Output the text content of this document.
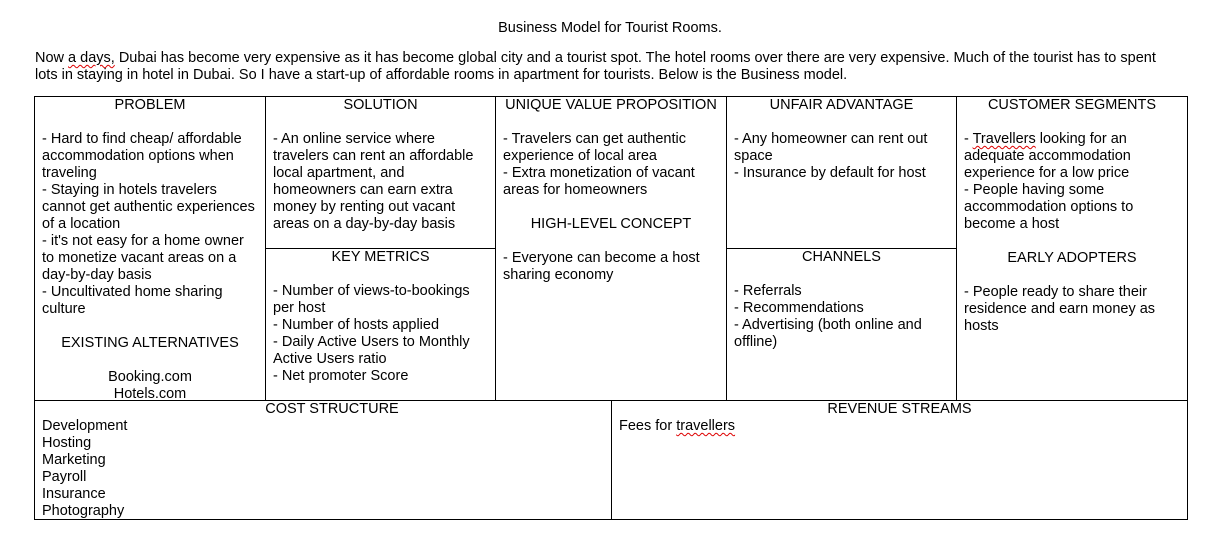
Business Model for Tourist Rooms.
Now a days, Dubai has become very expensive as it has become global city and a tourist spot. The hotel rooms over there are very expensive. Much of the tourist has to spent
lots in staying in hotel in Dubai. So I have a start-up of affordable rooms in apartment for tourists. Below is the Business model.
PROBLEM
- Hard to find cheap/ affordable
accommodation options when
traveling
- Staying in hotels travelers
cannot get authentic experiences
of a location
- it's not easy for a home owner
to monetize vacant areas on a
day-by-day basis
- Uncultivated home sharing
culture
EXISTING ALTERNATIVES
Booking.com
Hotels.com
SOLUTION
- An online service where
travelers can rent an affordable
local apartment, and
homeowners can earn extra
money by renting out vacant
areas on a day-by-day basis
KEY METRICS
- Number of views-to-bookings
per host
- Number of hosts applied
- Daily Active Users to Monthly
Active Users ratio
- Net promoter Score
UNIQUE VALUE PROPOSITION
- Travelers can get authentic
experience of local area
- Extra monetization of vacant
areas for homeowners
HIGH-LEVEL CONCEPT
- Everyone can become a host
sharing economy
UNFAIR ADVANTAGE
- Any homeowner can rent out
space
- Insurance by default for host
CHANNELS
- Referrals
- Recommendations
- Advertising (both online and
offline)
CUSTOMER SEGMENTS
- Travellers looking for an
adequate accommodation
experience for a low price
- People having some
accommodation options to
become a host
EARLY ADOPTERS
- People ready to share their
residence and earn money as
hosts
COST STRUCTURE
Development
Hosting
Marketing
Payroll
Insurance
Photography
REVENUE STREAMS
Fees for travellers
